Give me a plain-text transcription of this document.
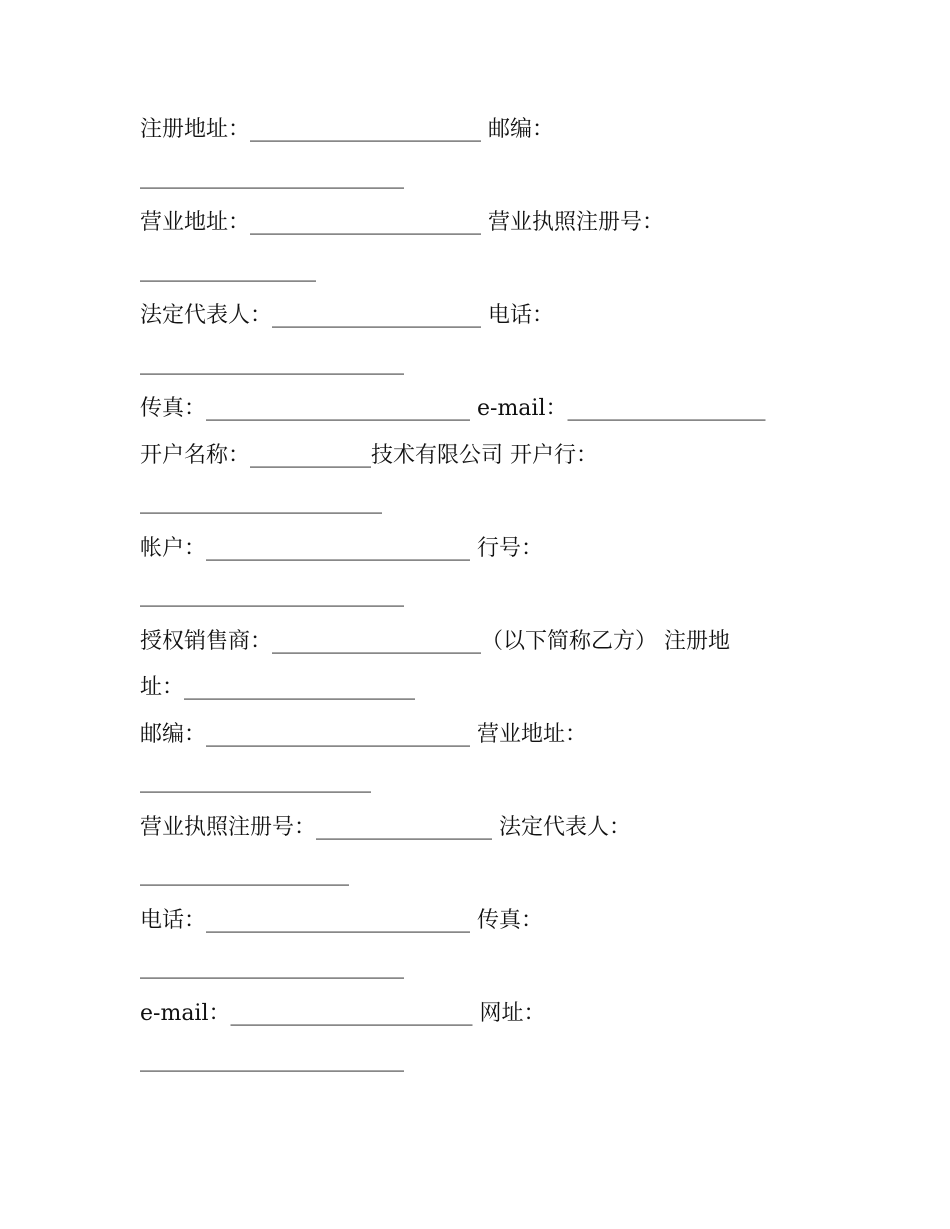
注册地址：_____________________ 邮编：
________________________
营业地址：_____________________ 营业执照注册号：
________________
法定代表人：___________________ 电话：
________________________
传真：________________________ e-mail：__________________
开户名称：___________技术有限公司 开户行：
______________________
帐户：________________________ 行号：
________________________
授权销售商：___________________（以下简称乙方） 注册地
址：_____________________
邮编：________________________ 营业地址：
_____________________
营业执照注册号：________________ 法定代表人：
___________________
电话：________________________ 传真：
________________________
e-mail：______________________ 网址：
________________________
